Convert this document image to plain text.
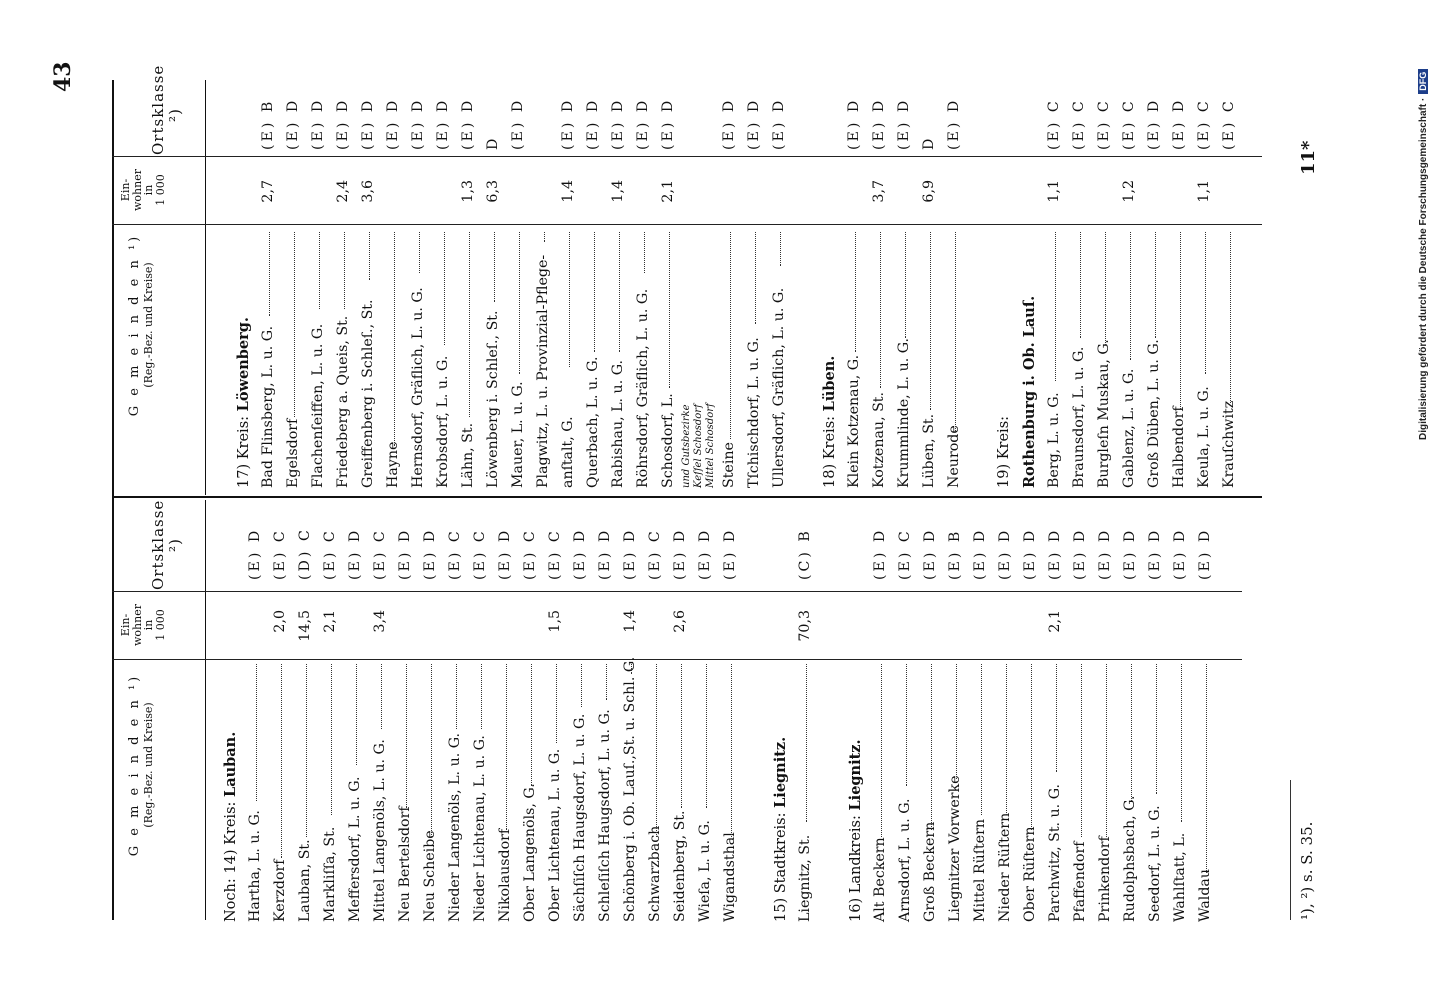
43
G e m e i n d e n ¹) (Reg.-Bez. und Kreise)
Ein-
wohner
in
1 000
Ortsklasse ²)
G e m e i n d e n ¹) (Reg.-Bez. und Kreise)
Ein-
wohner
in
1 000
Ortsklasse ²)
Noch: 14) Kreis: Lauban.
Hartha, L. u. G.
(E) D
Kerzdorf
2,0
(E) C
Lauban, St.
14,5
(D) C
Markliſſa, St.
2,1
(E) C
Meffersdorf, L. u. G.
(E) D
Mittel Langenöls, L. u. G.
3,4
(E) C
Neu Bertelsdorf
(E) D
Neu Scheibe
(E) D
Nieder Langenöls, L. u. G.
(E) C
Nieder Lichtenau, L. u. G.
(E) C
Nikolausdorf
(E) D
Ober Langenöls, G.
(E) C
Ober Lichtenau, L. u. G.
1,5
(E) C
Sächſiſch Haugsdorf, L. u. G.
(E) D
Schleſiſch Haugsdorf, L. u. G.
(E) D
Schönberg i. Ob. Lauſ.,St. u. Schl. G.
1,4
(E) D
Schwarzbach
(E) C
Seidenberg, St.
2,6
(E) D
Wieſa, L. u. G.
(E) D
Wigandsthal
(E) D
15) Stadtkreis: Liegnitz.
Liegnitz, St.
70,3
(C) B
16) Landkreis: Liegnitz.
Alt Beckern
(E) D
Arnsdorf, L. u. G.
(E) C
Groß Beckern
(E) D
Liegnitzer Vorwerke
(E) B
Mittel Rüſtern
(E) D
Nieder Rüſtern
(E) D
Ober Rüſtern
(E) D
Parchwitz, St. u. G.
2,1
(E) D
Pfaffendorf
(E) D
Prinkendorf
(E) D
Rudolphsbach, G.
(E) D
Seedorf, L. u. G.
(E) D
Wahlſtatt, L.
(E) D
Waldau
(E) D
17) Kreis: Löwenberg. Bad Flinsberg, L. u. G.
2,7
(E) B
Egelsdorf
(E) D
Flachenſeiffen, L. u. G.
(E) D
Friedeberg a. Queis, St.
2,4
(E) D
Greiffenberg i. Schleſ., St.
3,6
(E) D
Hayne
(E) D
Hernsdorf, Gräflich, L. u. G.
(E) D
Krobsdorf, L. u. G.
(E) D
Lähn, St.
1,3
(E) D
Löwenberg i. Schleſ., St.
6,3
D
Mauer, L. u. G.
(E) D
Plagwitz, L. u. Provinzial-Pflege- anſtalt, G.
1,4
(E) D
Querbach, L. u. G.
(E) D
Rabishau, L. u. G.
1,4
(E) D
Röhrsdorf, Gräflich, L. u. G.
(E) D
Schosdorf, L.
2,1
(E) D
und Gutsbezirke Keſſel Schosdorf Mittel Schosdorf Steine
(E) D
Tſchischdorf, L. u. G.
(E) D
Ullersdorf, Gräflich, L. u. G.
(E) D
18) Kreis: Lüben. Klein Kotzenau, G.
(E) D
Kotzenau, St.
3,7
(E) D
Krummlinde, L. u. G.
(E) D
Lüben, St.
6,9
D
Neurode
(E) D
19) Kreis: Rothenburg i. Ob. Lauſ. Berg, L. u. G.
1,1
(E) C
Braunsdorf, L. u. G.
(E) C
Burgleſn Muskau, G.
(E) C
Gablenz, L. u. G.
1,2
(E) C
Groß Düben, L. u. G.
(E) D
Halbendorf
(E) D
Keula, L. u. G.
1,1
(E) C
Krauſchwitz
(E) C
¹), ²) s. S. 35.
11*	Digitalisierung gefördert durch die Deutsche Forschungsgemeinschaft ·DFG
